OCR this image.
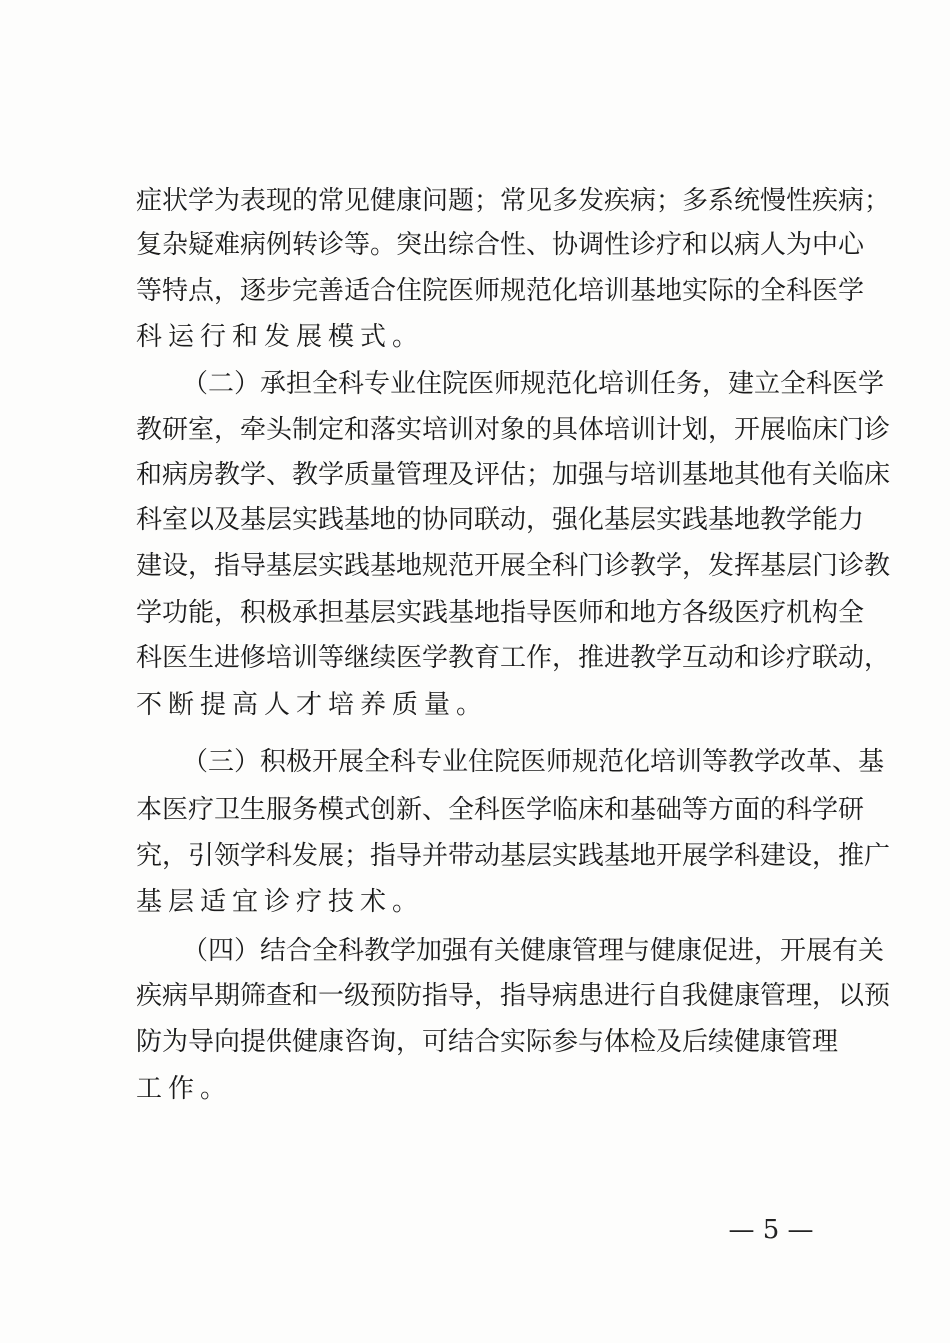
症状学为表现的常见健康问题；常见多发疾病；多系统慢性疾病；
复杂疑难病例转诊等。突出综合性、协调性诊疗和以病人为中心
等特点，逐步完善适合住院医师规范化培训基地实际的全科医学
科运行和发展模式。
（二）承担全科专业住院医师规范化培训任务，建立全科医学
教研室，牵头制定和落实培训对象的具体培训计划，开展临床门诊
和病房教学、教学质量管理及评估；加强与培训基地其他有关临床
科室以及基层实践基地的协同联动，强化基层实践基地教学能力
建设，指导基层实践基地规范开展全科门诊教学，发挥基层门诊教
学功能，积极承担基层实践基地指导医师和地方各级医疗机构全
科医生进修培训等继续医学教育工作，推进教学互动和诊疗联动，
不断提高人才培养质量。
（三）积极开展全科专业住院医师规范化培训等教学改革、基
本医疗卫生服务模式创新、全科医学临床和基础等方面的科学研
究，引领学科发展；指导并带动基层实践基地开展学科建设，推广
基层适宜诊疗技术。
（四）结合全科教学加强有关健康管理与健康促进，开展有关
疾病早期筛查和一级预防指导，指导病患进行自我健康管理，以预
防为导向提供健康咨询，可结合实际参与体检及后续健康管理
工作。
— 5 —
